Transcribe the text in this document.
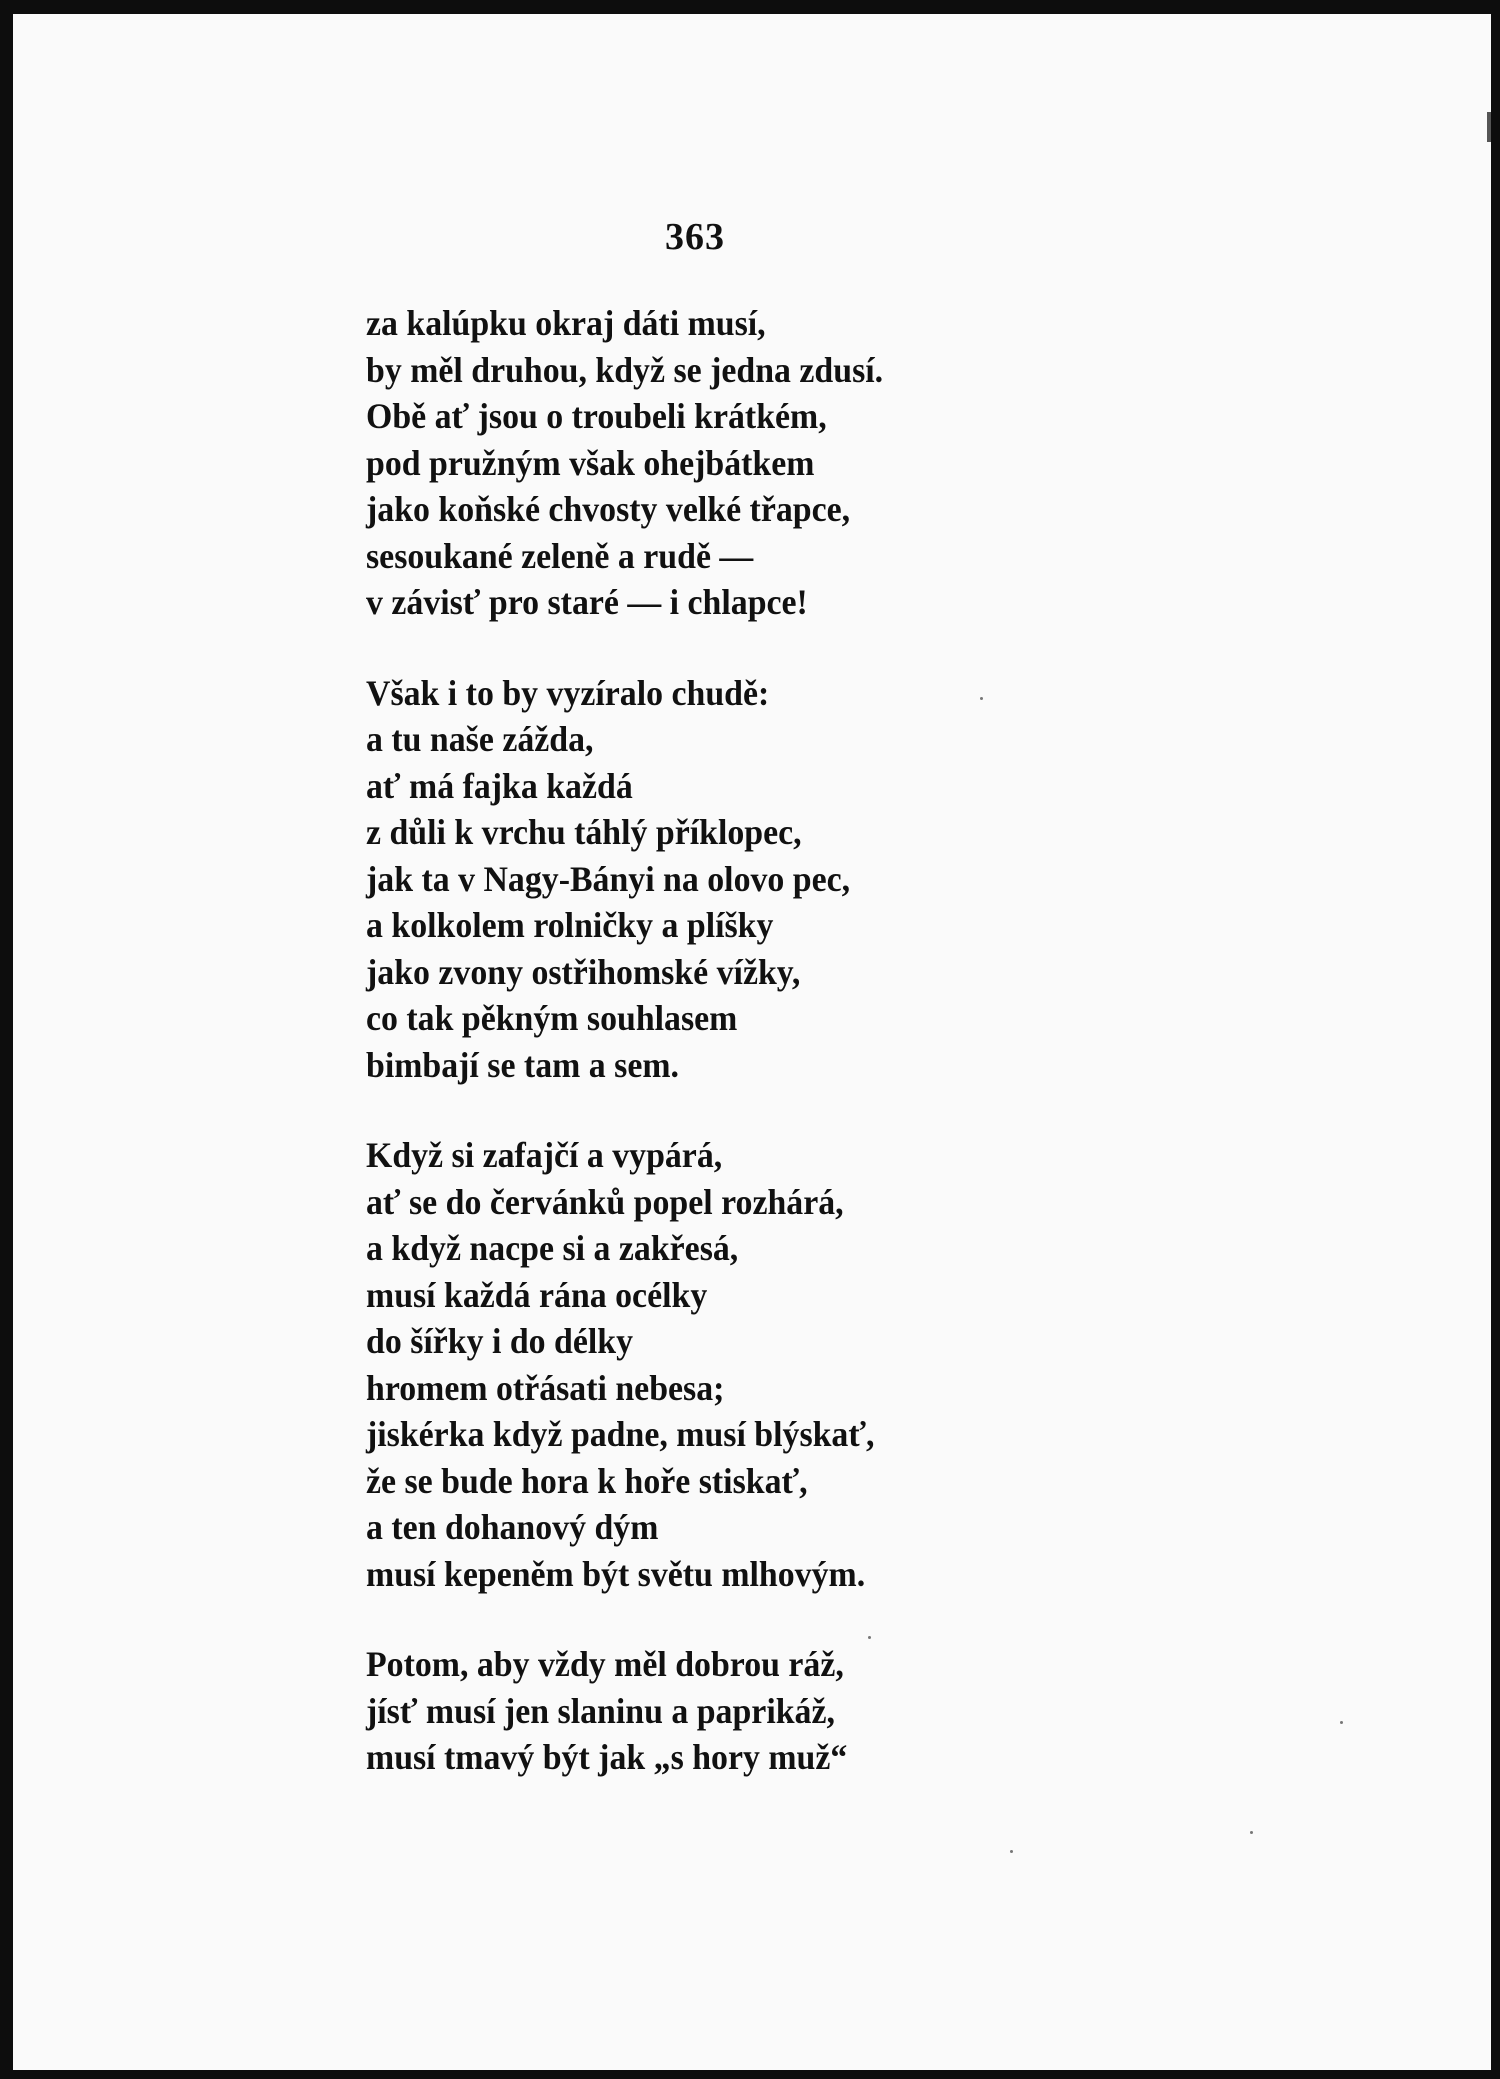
363
za kalúpku okraj dáti musí,
by měl druhou, když se jedna zdusí.
Obě ať jsou o troubeli krátkém,
pod pružným však ohejbátkem
jako koňské chvosty velké třapce,
sesoukané zeleně a rudě —
v závisť pro staré — i chlapce!
Však i to by vyzíralo chudě:
a tu naše zážda,
ať má fajka každá
z důli k vrchu táhlý příklopec,
jak ta v Nagy-Bányi na olovo pec,
a kolkolem rolničky a plíšky
jako zvony ostřihomské vížky,
co tak pěkným souhlasem
bimbají se tam a sem.
Když si zafajčí a vypárá,
ať se do červánků popel rozhárá,
a když nacpe si a zakřesá,
musí každá rána océlky
do šířky i do délky
hromem otřásati nebesa;
jiskérka když padne, musí blýskať,
že se bude hora k hoře stiskať,
a ten dohanový dým
musí kepeněm být světu mlhovým.
Potom, aby vždy měl dobrou ráž,
jísť musí jen slaninu a paprikáž,
musí tmavý být jak „s hory muž“
